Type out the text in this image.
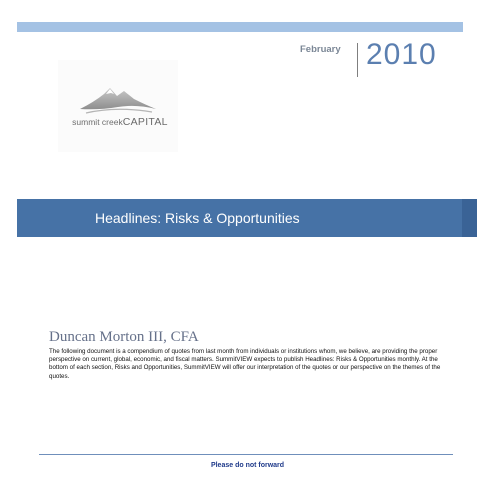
February 2010
summit creekCAPITAL
Headlines: Risks & Opportunities
Duncan Morton III, CFA

The following document is a compendium of quotes from last month from individuals or institutions whom, we believe, are providing the proper perspective on current, global, economic, and fiscal matters. SummitVIEW expects to publish Headlines: Risks & Opportunities monthly. At the bottom of each section, Risks and Opportunities, SummitVIEW will offer our interpretation of the quotes or our perspective on the themes of the quotes.

Please do not forward
